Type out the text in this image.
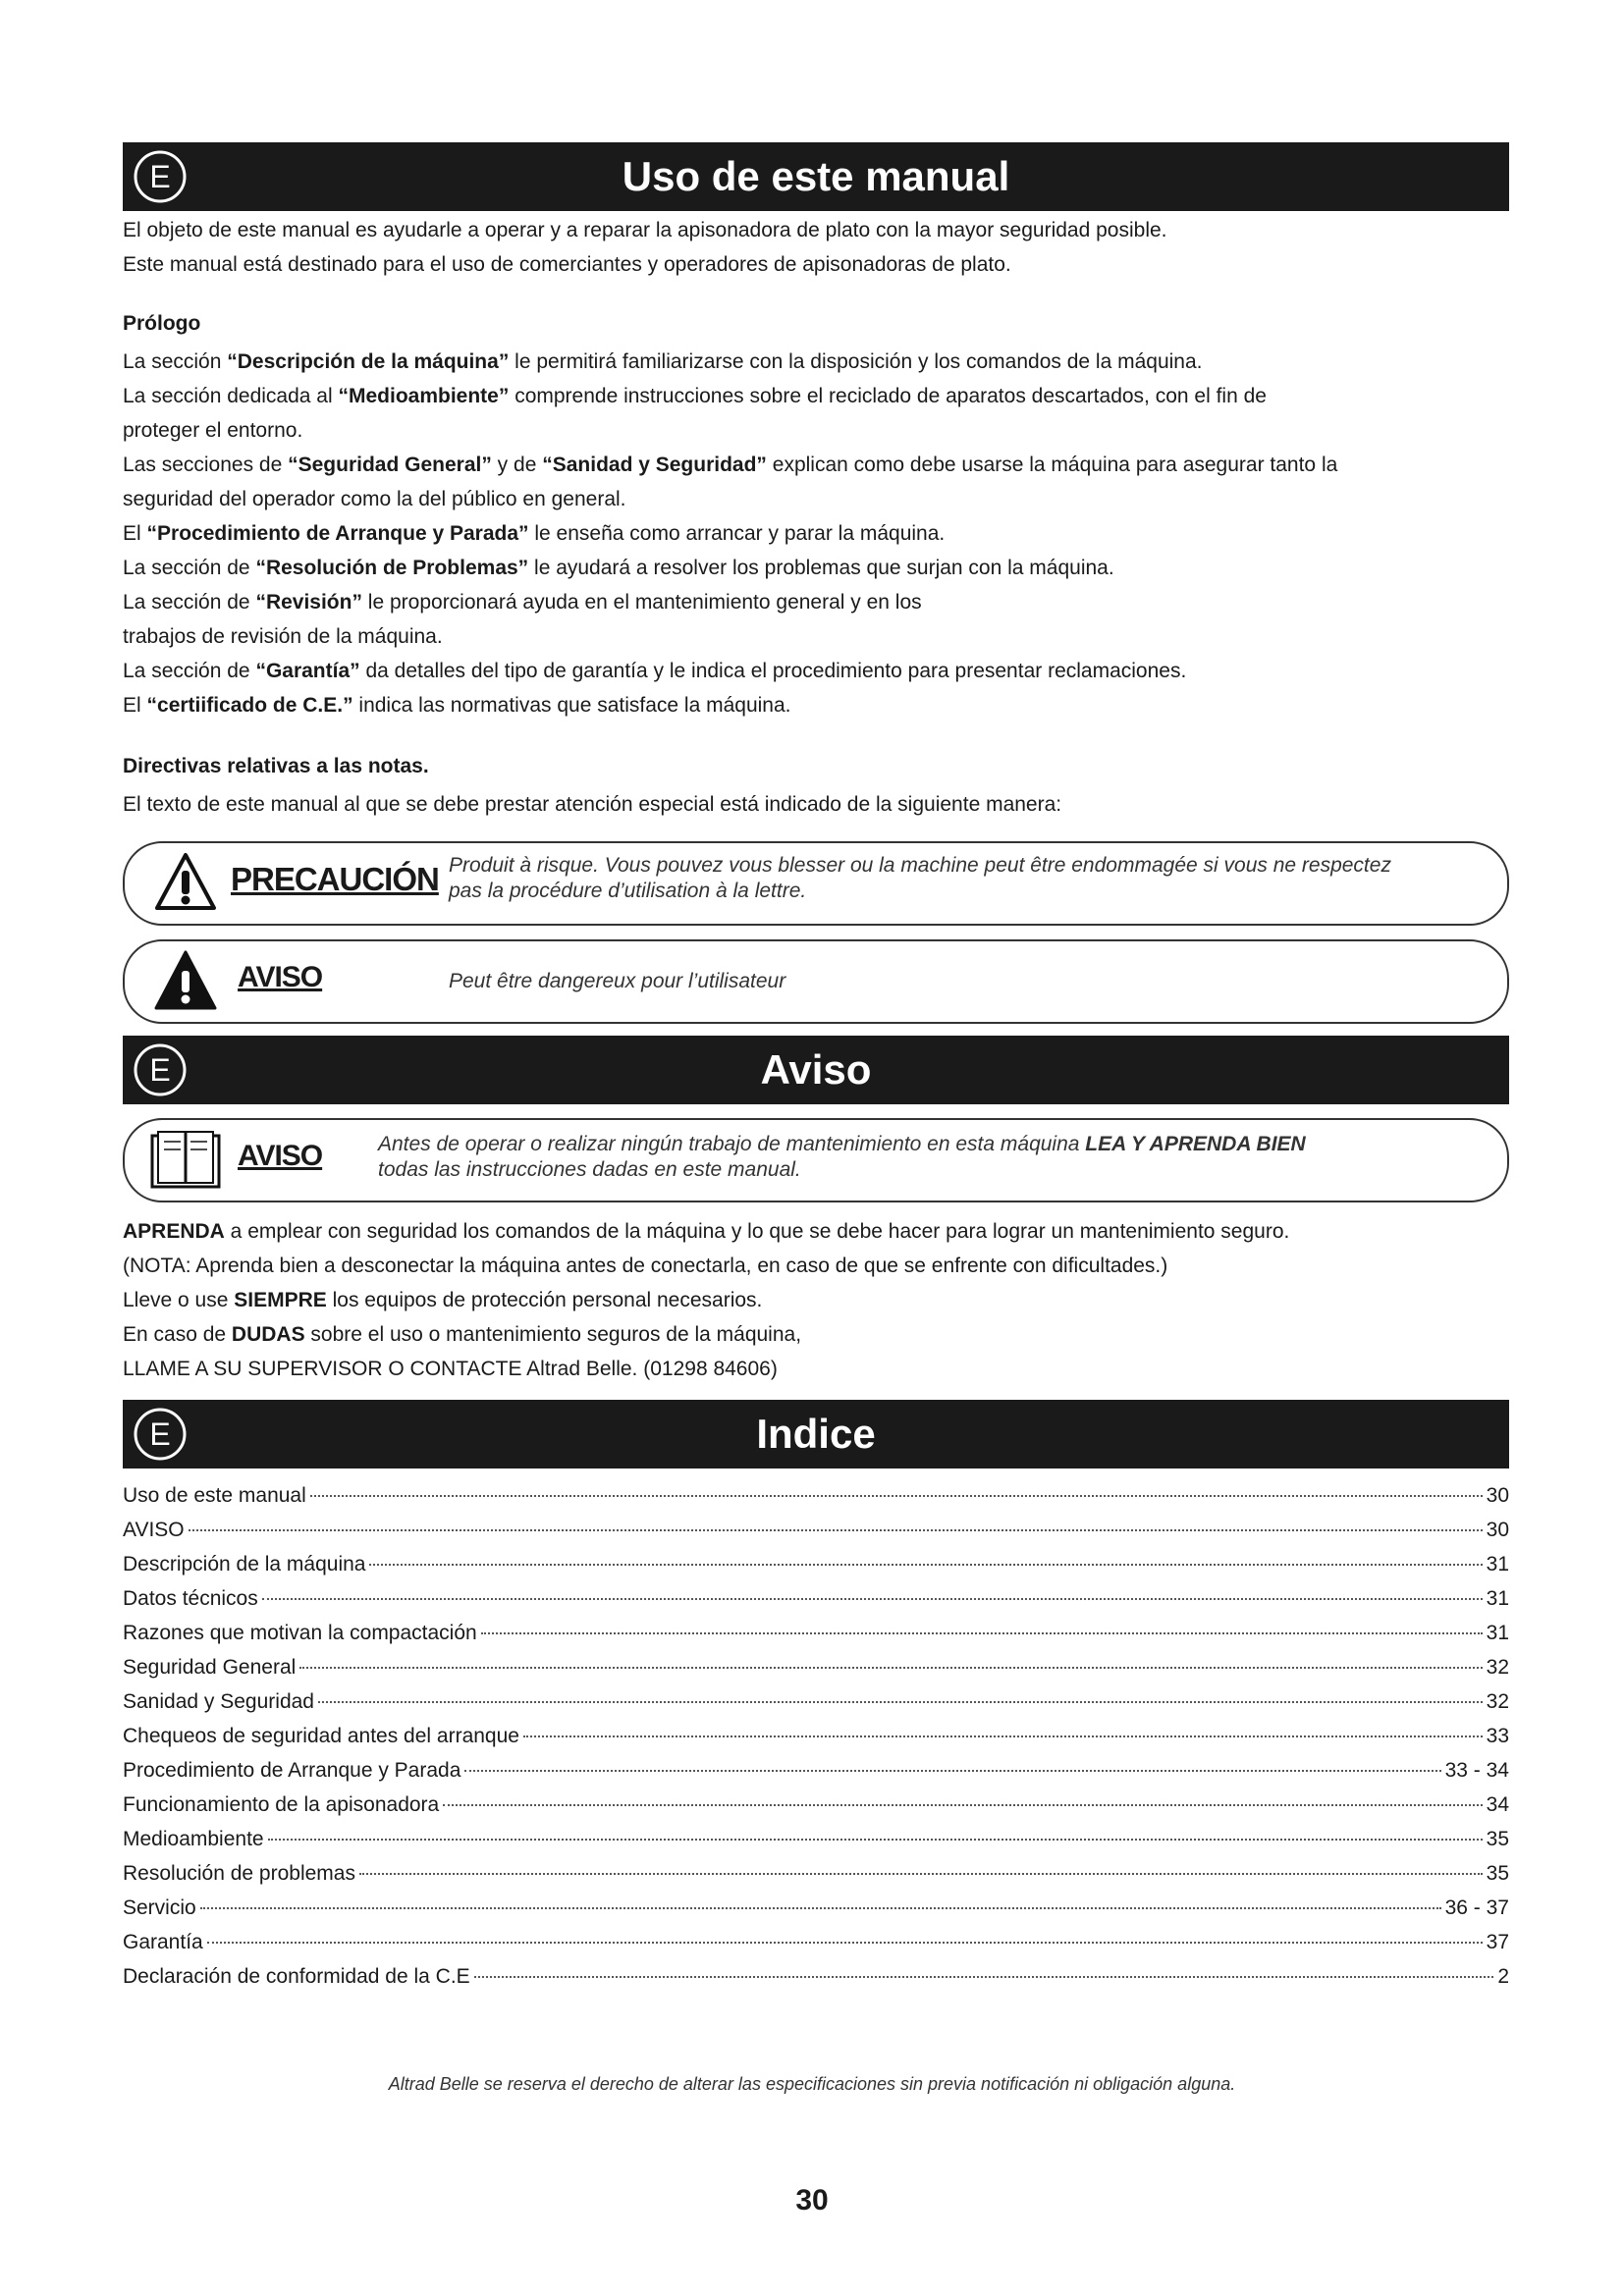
E	Uso de este manual

El objeto de este manual es ayudarle a operar y a reparar la apisonadora de plato con la mayor seguridad posible.

Este manual está destinado para el uso de comerciantes y operadores de apisonadoras de plato.

Prólogo

La sección “Descripción de la máquina” le permitirá familiarizarse con la disposición y los comandos de la máquina.

La sección dedicada al “Medioambiente” comprende instrucciones sobre el reciclado de aparatos descartados, con el fin de

proteger el entorno.

Las secciones de “Seguridad General” y de “Sanidad y Seguridad” explican como debe usarse la máquina para asegurar tanto la

seguridad del operador como la del público en general.

El “Procedimiento de Arranque y Parada” le enseña como arrancar y parar la máquina.

La sección de “Resolución de Problemas” le ayudará a resolver los problemas que surjan con la máquina.

La sección de “Revisión” le proporcionará ayuda en el mantenimiento general y en los

trabajos de revisión de la máquina.

La sección de “Garantía” da detalles del tipo de garantía y le indica el procedimiento para presentar reclamaciones.

El “certiificado de C.E.” indica las normativas que satisface la máquina.

Directivas relativas a las notas.

El texto de este manual al que se debe prestar atención especial está indicado de la siguiente manera:

PRECAUCIÓN Produit à risque. Vous pouvez vous blesser ou la machine peut être endommagée si vous ne respectez
pas la procédure d’utilisation à la lettre.
AVISO	Peut être dangereux pour l’utilisateur
E	Aviso
AVISO	Antes de operar o realizar ningún trabajo de mantenimiento en esta máquina LEA Y APRENDA BIEN
todas las instrucciones dadas en este manual.

APRENDA a emplear con seguridad los comandos de la máquina y lo que se debe hacer para lograr un mantenimiento seguro.

(NOTA: Aprenda bien a desconectar la máquina antes de conectarla, en caso de que se enfrente con dificultades.)

Lleve o use SIEMPRE los equipos de protección personal necesarios.

En caso de DUDAS sobre el uso o mantenimiento seguros de la máquina,

LLAME A SU SUPERVISOR O CONTACTE Altrad Belle. (01298 84606)

E	Indice
Uso de este manual	30
AVISO	30
Descripción de la máquina	31
Datos técnicos	31
Razones que motivan la compactación	31
Seguridad General	32
Sanidad y Seguridad	32
Chequeos de seguridad antes del arranque	33
Procedimiento de Arranque y Parada	33 - 34
Funcionamiento de la apisonadora	34
Medioambiente	35
Resolución de problemas	35
Servicio	36 - 37
Garantía	37
Declaración de conformidad de la C.E	2
Altrad Belle se reserva el derecho de alterar las especificaciones sin previa notificación ni obligación alguna.
30
